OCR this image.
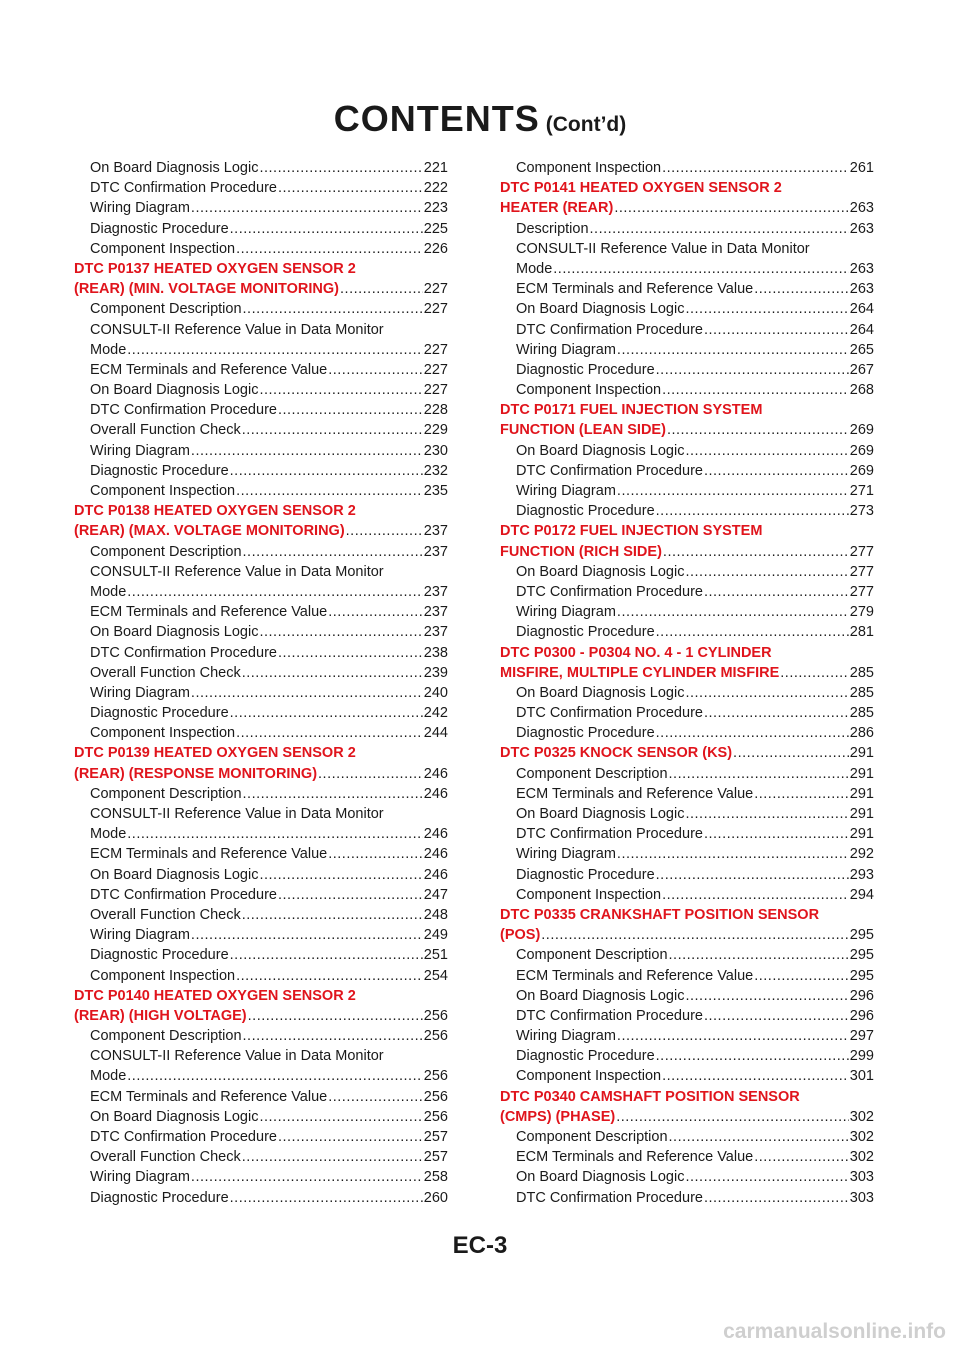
CONTENTS (Cont’d)
On Board Diagnosis Logic .....	221
DTC Confirmation Procedure .....	222
Wiring Diagram .....	223
Diagnostic Procedure .....	225
Component Inspection .....	226
DTC P0137 HEATED OXYGEN SENSOR 2
(REAR) (MIN. VOLTAGE MONITORING) .....	227
Component Description .....	227
CONSULT-II Reference Value in Data Monitor
Mode .....	227
ECM Terminals and Reference Value .....	227
On Board Diagnosis Logic .....	227
DTC Confirmation Procedure .....	228
Overall Function Check .....	229
Wiring Diagram .....	230
Diagnostic Procedure .....	232
Component Inspection .....	235
DTC P0138 HEATED OXYGEN SENSOR 2
(REAR) (MAX. VOLTAGE MONITORING) .....	237
Component Description .....	237
CONSULT-II Reference Value in Data Monitor
Mode .....	237
ECM Terminals and Reference Value .....	237
On Board Diagnosis Logic .....	237
DTC Confirmation Procedure .....	238
Overall Function Check .....	239
Wiring Diagram .....	240
Diagnostic Procedure .....	242
Component Inspection .....	244
DTC P0139 HEATED OXYGEN SENSOR 2
(REAR) (RESPONSE MONITORING) .....	246
Component Description .....	246
CONSULT-II Reference Value in Data Monitor
Mode .....	246
ECM Terminals and Reference Value .....	246
On Board Diagnosis Logic .....	246
DTC Confirmation Procedure .....	247
Overall Function Check .....	248
Wiring Diagram .....	249
Diagnostic Procedure .....	251
Component Inspection .....	254
DTC P0140 HEATED OXYGEN SENSOR 2
(REAR) (HIGH VOLTAGE) .....	256
Component Description .....	256
CONSULT-II Reference Value in Data Monitor
Mode .....	256
ECM Terminals and Reference Value .....	256
On Board Diagnosis Logic .....	256
DTC Confirmation Procedure .....	257
Overall Function Check .....	257
Wiring Diagram .....	258
Diagnostic Procedure .....	260
Component Inspection .....	261
DTC P0141 HEATED OXYGEN SENSOR 2
HEATER (REAR) .....	263
Description .....	263
CONSULT-II Reference Value in Data Monitor
Mode .....	263
ECM Terminals and Reference Value .....	263
On Board Diagnosis Logic .....	264
DTC Confirmation Procedure .....	264
Wiring Diagram .....	265
Diagnostic Procedure .....	267
Component Inspection .....	268
DTC P0171 FUEL INJECTION SYSTEM
FUNCTION (LEAN SIDE) .....	269
On Board Diagnosis Logic .....	269
DTC Confirmation Procedure .....	269
Wiring Diagram .....	271
Diagnostic Procedure .....	273
DTC P0172 FUEL INJECTION SYSTEM
FUNCTION (RICH SIDE) .....	277
On Board Diagnosis Logic .....	277
DTC Confirmation Procedure .....	277
Wiring Diagram .....	279
Diagnostic Procedure .....	281
DTC P0300 - P0304 NO. 4 - 1 CYLINDER
MISFIRE, MULTIPLE CYLINDER MISFIRE .....	285
On Board Diagnosis Logic .....	285
DTC Confirmation Procedure .....	285
Diagnostic Procedure .....	286
DTC P0325 KNOCK SENSOR (KS) .....	291
Component Description .....	291
ECM Terminals and Reference Value .....	291
On Board Diagnosis Logic .....	291
DTC Confirmation Procedure .....	291
Wiring Diagram .....	292
Diagnostic Procedure .....	293
Component Inspection .....	294
DTC P0335 CRANKSHAFT POSITION SENSOR
(POS) .....	295
Component Description .....	295
ECM Terminals and Reference Value .....	295
On Board Diagnosis Logic .....	296
DTC Confirmation Procedure .....	296
Wiring Diagram .....	297
Diagnostic Procedure .....	299
Component Inspection .....	301
DTC P0340 CAMSHAFT POSITION SENSOR
(CMPS) (PHASE) .....	302
Component Description .....	302
ECM Terminals and Reference Value .....	302
On Board Diagnosis Logic .....	303
DTC Confirmation Procedure .....	303
EC-3
carmanualsonline.info
